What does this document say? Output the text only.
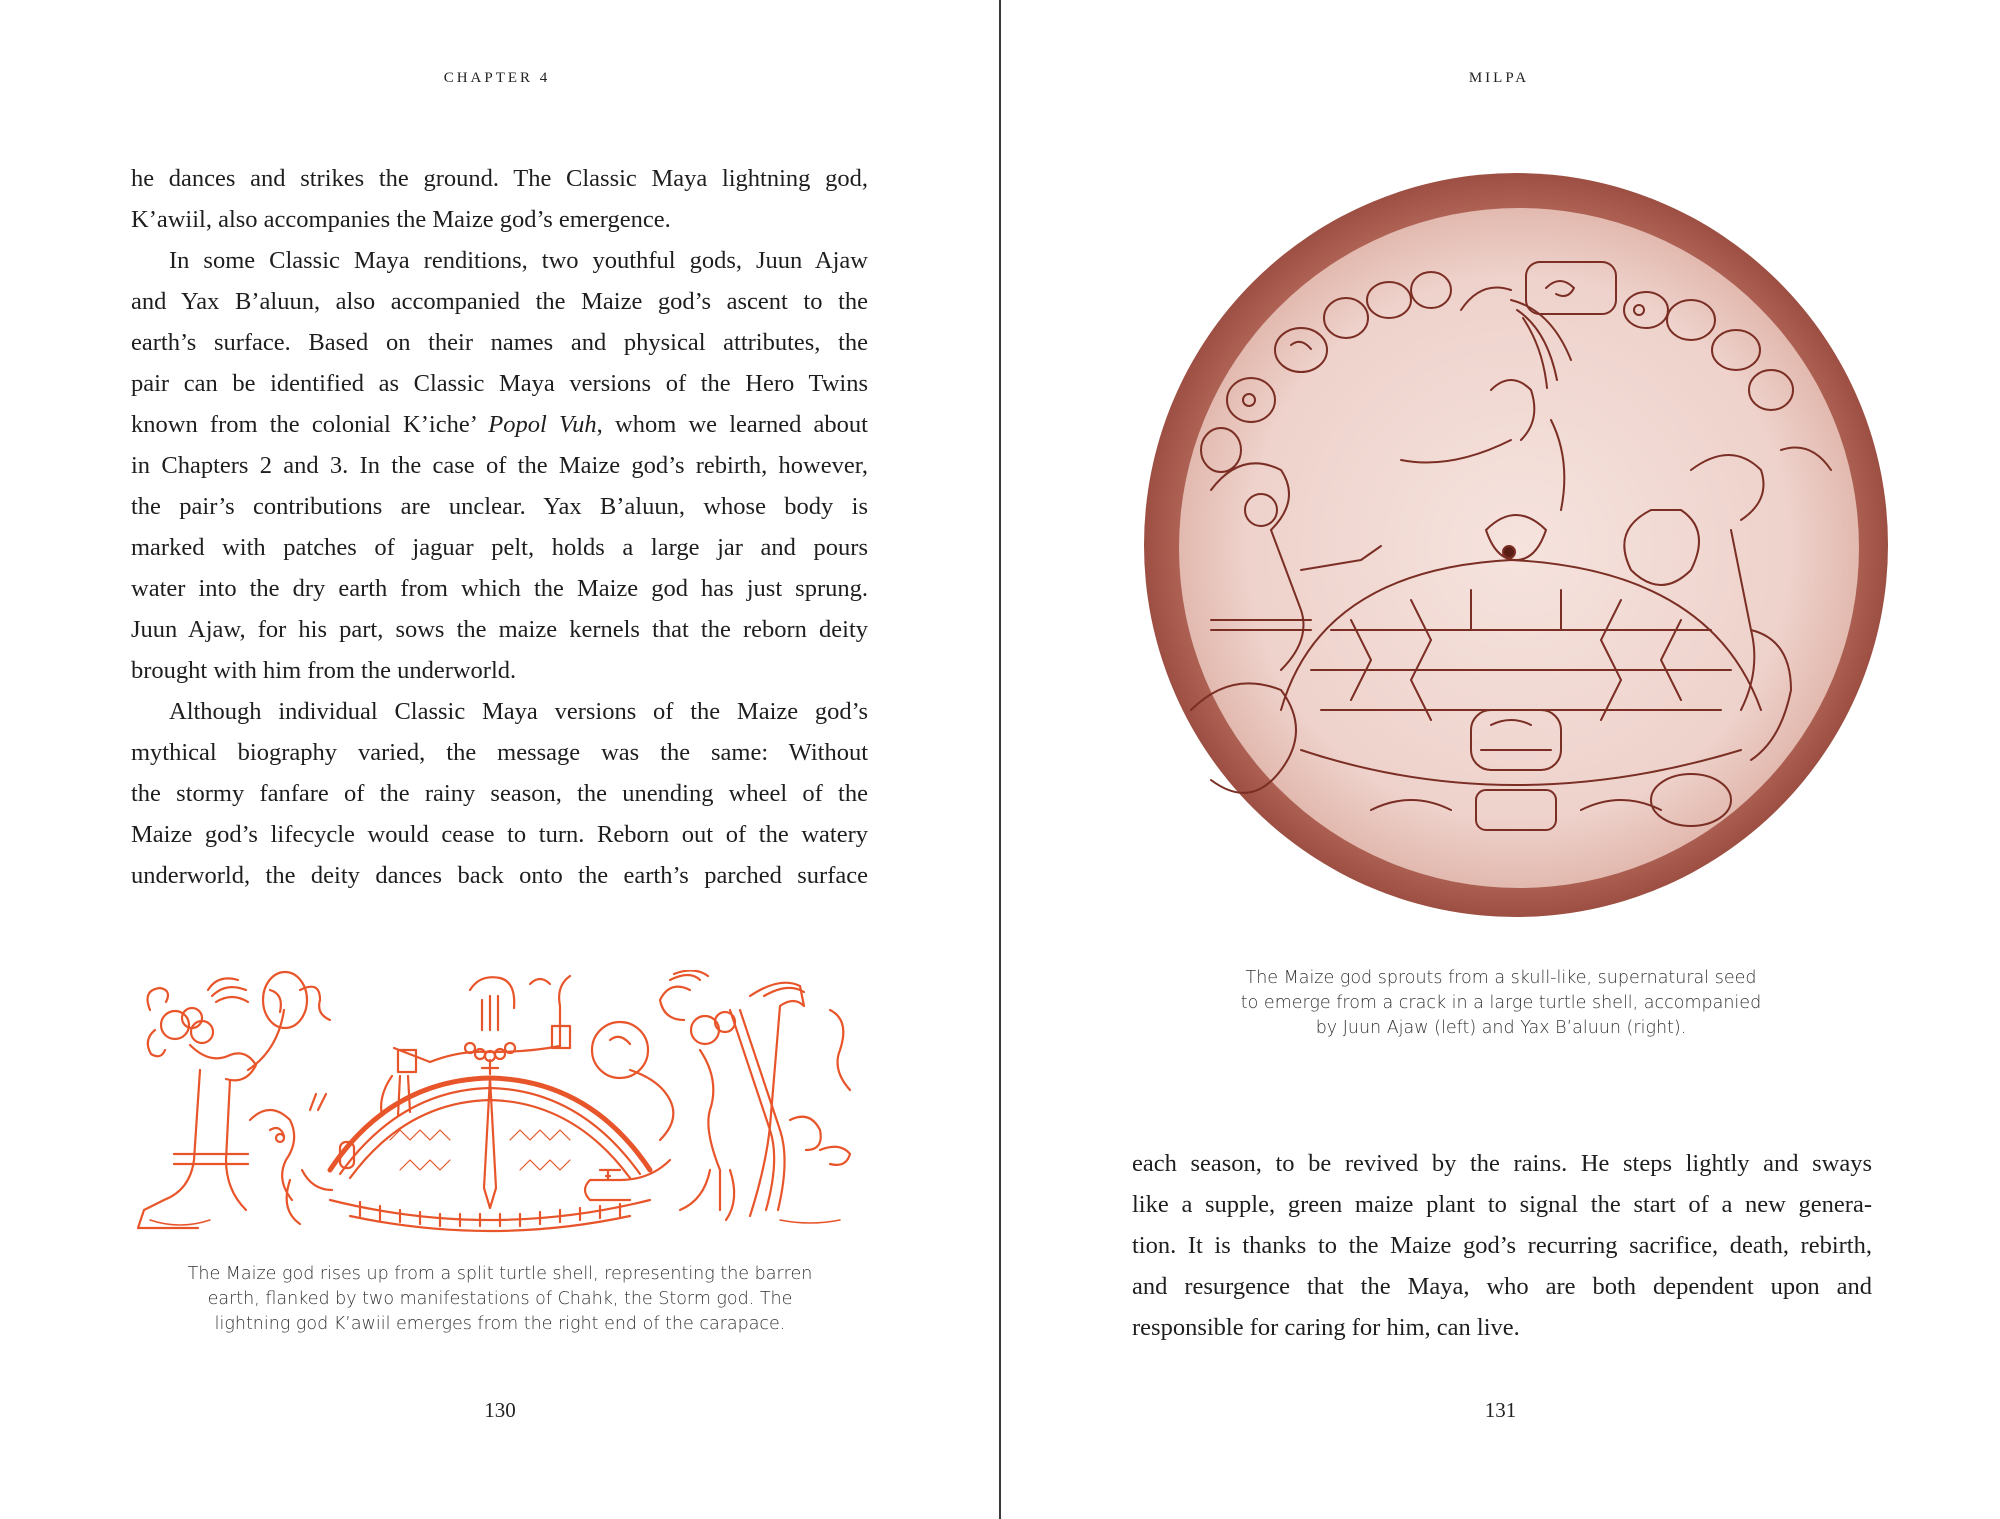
CHAPTER 4
he dances and strikes the ground. The Classic Maya lightning god,
K’awiil, also accompanies the Maize god’s emergence.
In some Classic Maya renditions, two youthful gods, Juun Ajaw
and Yax B’aluun, also accompanied the Maize god’s ascent to the
earth’s surface. Based on their names and physical attributes, the
pair can be identified as Classic Maya versions of the Hero Twins
known from the colonial K’iche’ Popol Vuh, whom we learned about
in Chapters 2 and 3. In the case of the Maize god’s rebirth, however,
the pair’s contributions are unclear. Yax B’aluun, whose body is
marked with patches of jaguar pelt, holds a large jar and pours
water into the dry earth from which the Maize god has just sprung.
Juun Ajaw, for his part, sows the maize kernels that the reborn deity
brought with him from the underworld.
Although individual Classic Maya versions of the Maize god’s
mythical biography varied, the message was the same: Without
the stormy fanfare of the rainy season, the unending wheel of the
Maize god’s lifecycle would cease to turn. Reborn out of the watery
underworld, the deity dances back onto the earth’s parched surface
The Maize god rises up from a split turtle shell, representing the barren
earth, flanked by two manifestations of Chahk, the Storm god. The
lightning god K’awiil emerges from the right end of the carapace.
130
MILPA
The Maize god sprouts from a skull-like, supernatural seed
to emerge from a crack in a large turtle shell, accompanied
by Juun Ajaw (left) and Yax B’aluun (right).
each season, to be revived by the rains. He steps lightly and sways
like a supple, green maize plant to signal the start of a new genera-
tion. It is thanks to the Maize god’s recurring sacrifice, death, rebirth,
and resurgence that the Maya, who are both dependent upon and
responsible for caring for him, can live.
131
